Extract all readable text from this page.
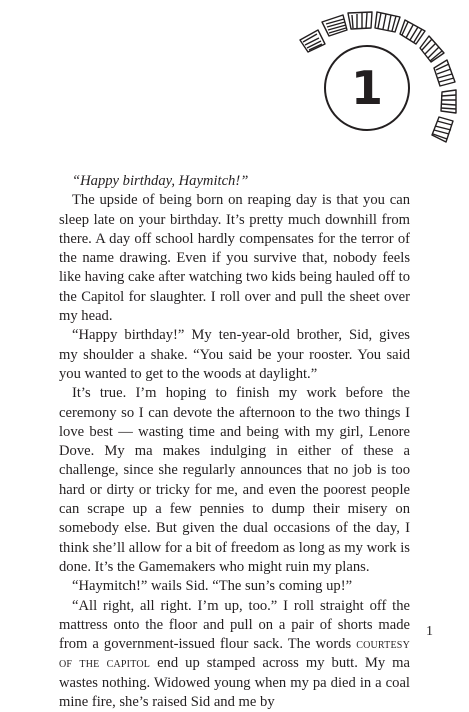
1

“Happy birthday, Haymitch!”

The upside of being born on reaping day is that you can sleep late on your birthday. It’s pretty much downhill from there. A day off school hardly compensates for the terror of the name drawing. Even if you survive that, nobody feels like having cake after watching two kids being hauled off to the Capitol for slaughter. I roll over and pull the sheet over my head.

“Happy birthday!” My ten-year-old brother, Sid, gives my shoulder a shake. “You said be your rooster. You said you wanted to get to the woods at daylight.”

It’s true. I’m hoping to finish my work before the ceremony so I can devote the afternoon to the two things I love best — wasting time and being with my girl, Lenore Dove. My ma makes indulging in either of these a challenge, since she regularly announces that no job is too hard or dirty or tricky for me, and even the poorest people can scrape up a few pennies to dump their misery on somebody else. But given the dual occasions of the day, I think she’ll allow for a bit of freedom as long as my work is done. It’s the Gamemakers who might ruin my plans.

“Haymitch!” wails Sid. “The sun’s coming up!”

“All right, all right. I’m up, too.” I roll straight off the mattress onto the floor and pull on a pair of shorts made from a government-issued flour sack. The words courtesy of the capitol end up stamped across my butt. My ma wastes nothing. Widowed young when my pa died in a coal mine fire, she’s raised Sid and me by

1
